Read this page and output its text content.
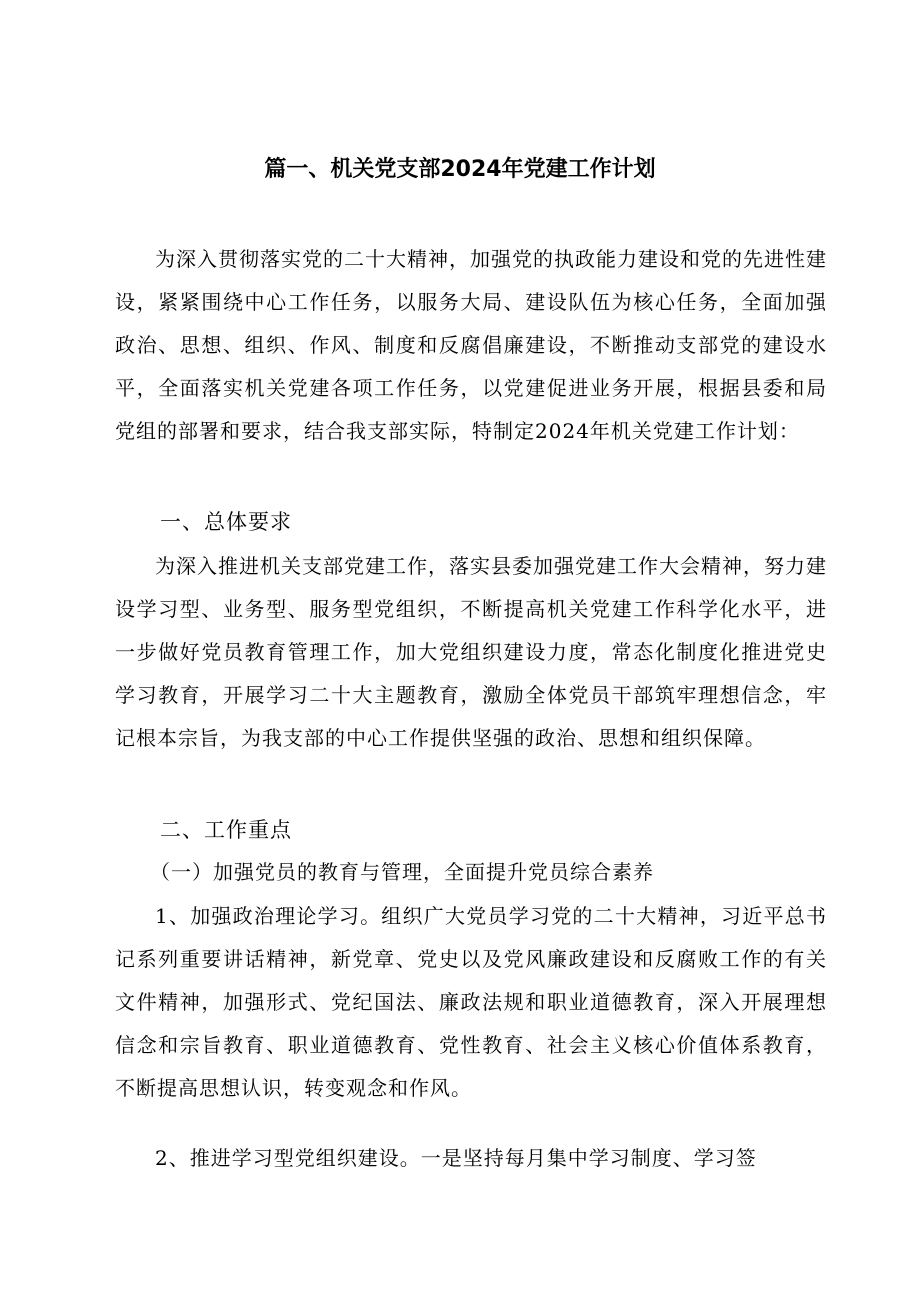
篇一、机关党支部2024年党建工作计划
为深入贯彻落实党的二十大精神，加强党的执政能力建设和党的先进性建设，紧紧围绕中心工作任务，以服务大局、建设队伍为核心任务，全面加强政治、思想、组织、作风、制度和反腐倡廉建设，不断推动支部党的建设水平，全面落实机关党建各项工作任务，以党建促进业务开展，根据县委和局党组的部署和要求，结合我支部实际，特制定2024年机关党建工作计划：
一、总体要求
为深入推进机关支部党建工作，落实县委加强党建工作大会精神，努力建设学习型、业务型、服务型党组织，不断提高机关党建工作科学化水平，进一步做好党员教育管理工作，加大党组织建设力度，常态化制度化推进党史学习教育，开展学习二十大主题教育，激励全体党员干部筑牢理想信念，牢记根本宗旨，为我支部的中心工作提供坚强的政治、思想和组织保障。
二、工作重点
（一）加强党员的教育与管理，全面提升党员综合素养
1、加强政治理论学习。组织广大党员学习党的二十大精神，习近平总书记系列重要讲话精神，新党章、党史以及党风廉政建设和反腐败工作的有关文件精神，加强形式、党纪国法、廉政法规和职业道德教育，深入开展理想信念和宗旨教育、职业道德教育、党性教育、社会主义核心价值体系教育，不断提高思想认识，转变观念和作风。
2、推进学习型党组织建设。一是坚持每月集中学习制度、学习签
